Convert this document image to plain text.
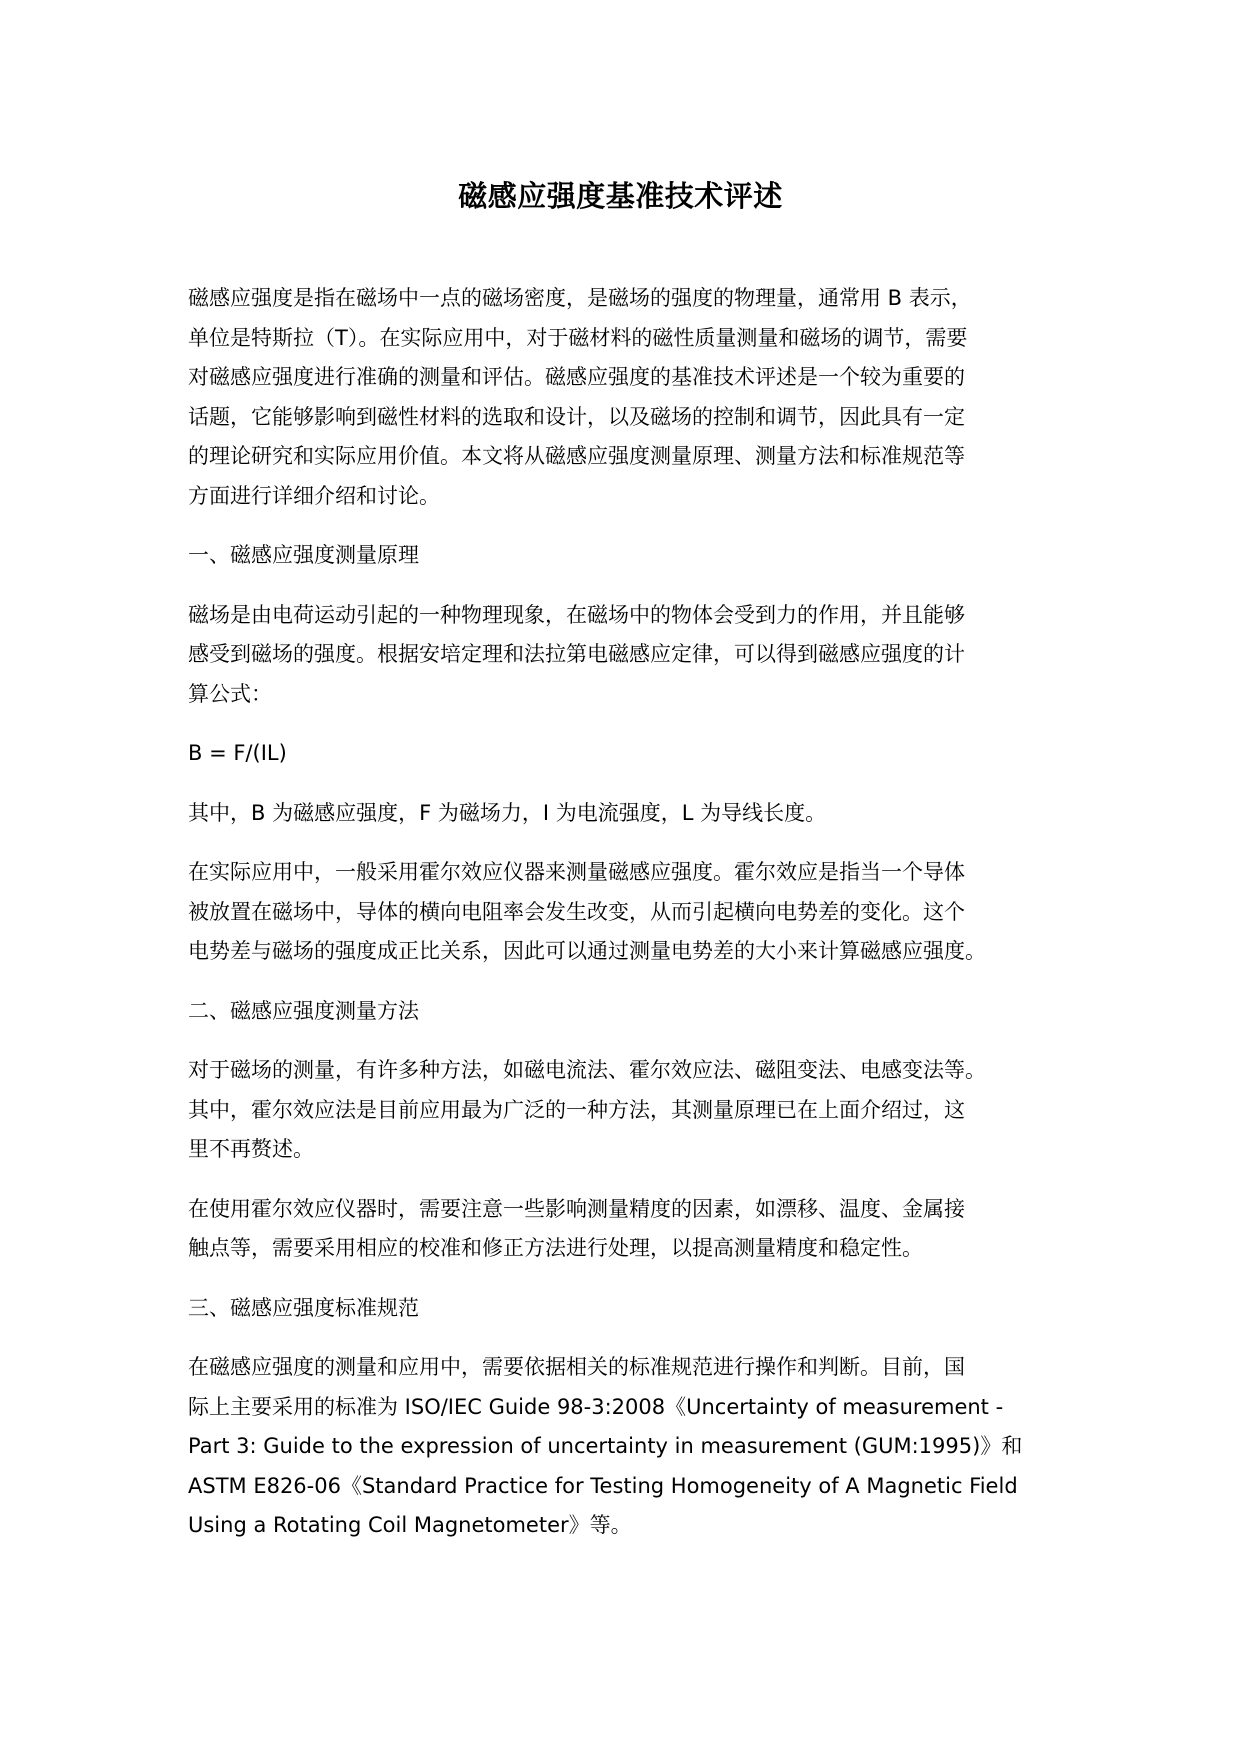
磁感应强度基准技术评述

磁感应强度是指在磁场中一点的磁场密度，是磁场的强度的物理量，通常用 B 表示，
单位是特斯拉（T）。在实际应用中，对于磁材料的磁性质量测量和磁场的调节，需要
对磁感应强度进行准确的测量和评估。磁感应强度的基准技术评述是一个较为重要的
话题，它能够影响到磁性材料的选取和设计，以及磁场的控制和调节，因此具有一定
的理论研究和实际应用价值。本文将从磁感应强度测量原理、测量方法和标准规范等
方面进行详细介绍和讨论。

一、磁感应强度测量原理

磁场是由电荷运动引起的一种物理现象，在磁场中的物体会受到力的作用，并且能够
感受到磁场的强度。根据安培定理和法拉第电磁感应定律，可以得到磁感应强度的计
算公式：

B = F/(IL)

其中，B 为磁感应强度，F 为磁场力，I 为电流强度，L 为导线长度。

在实际应用中，一般采用霍尔效应仪器来测量磁感应强度。霍尔效应是指当一个导体
被放置在磁场中，导体的横向电阻率会发生改变，从而引起横向电势差的变化。这个
电势差与磁场的强度成正比关系，因此可以通过测量电势差的大小来计算磁感应强度。

二、磁感应强度测量方法

对于磁场的测量，有许多种方法，如磁电流法、霍尔效应法、磁阻变法、电感变法等。
其中，霍尔效应法是目前应用最为广泛的一种方法，其测量原理已在上面介绍过，这
里不再赘述。

在使用霍尔效应仪器时，需要注意一些影响测量精度的因素，如漂移、温度、金属接
触点等，需要采用相应的校准和修正方法进行处理，以提高测量精度和稳定性。

三、磁感应强度标准规范

在磁感应强度的测量和应用中，需要依据相关的标准规范进行操作和判断。目前，国
际上主要采用的标准为 ISO/IEC Guide 98-3:2008《Uncertainty of measurement -
Part 3: Guide to the expression of uncertainty in measurement (GUM:1995)》和
ASTM E826-06《Standard Practice for Testing Homogeneity of A Magnetic Field
Using a Rotating Coil Magnetometer》等。
